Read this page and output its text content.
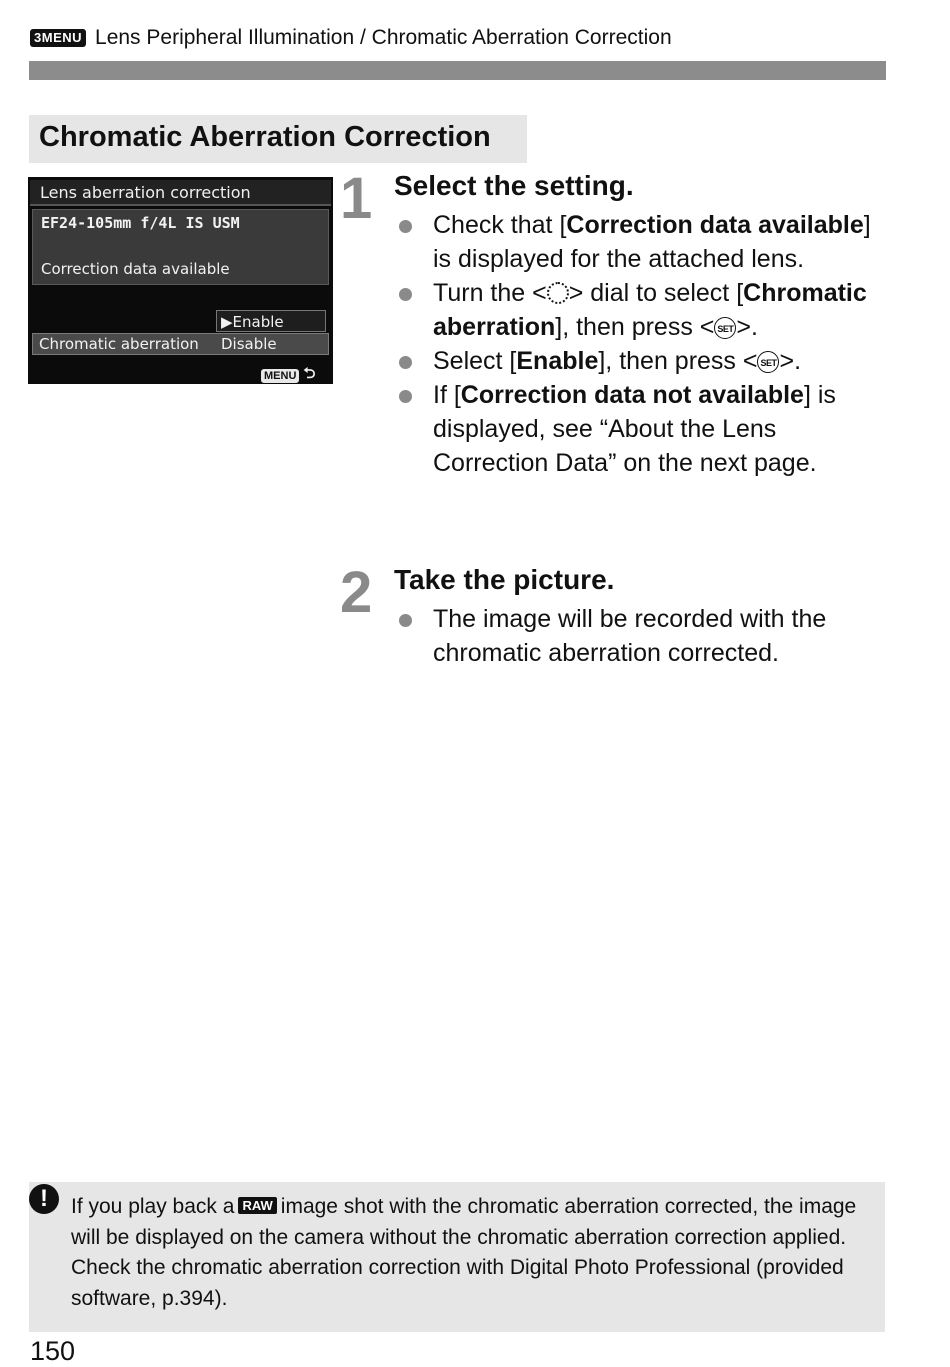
3MENU Lens Peripheral Illumination / Chromatic Aberration Correction
Chromatic Aberration Correction
Lens aberration correction
EF24-105mm f/4L IS USM
Correction data available
▶Enable
Chromatic aberration Disable
MENU ⮌
1 Select the setting.
Check that [Correction data available] is displayed for the attached lens.
Turn the < > dial to select [Chromatic aberration], then press < SET >.
Select [Enable], then press < SET >.
If [Correction data not available] is displayed, see “About the Lens Correction Data” on the next page.
2 Take the picture.
The image will be recorded with the chromatic aberration corrected.
!	If you play back a RAW image shot with the chromatic aberration corrected, the image will be displayed on the camera without the chromatic aberration correction applied. Check the chromatic aberration correction with Digital Photo Professional (provided software, p.394).
150
